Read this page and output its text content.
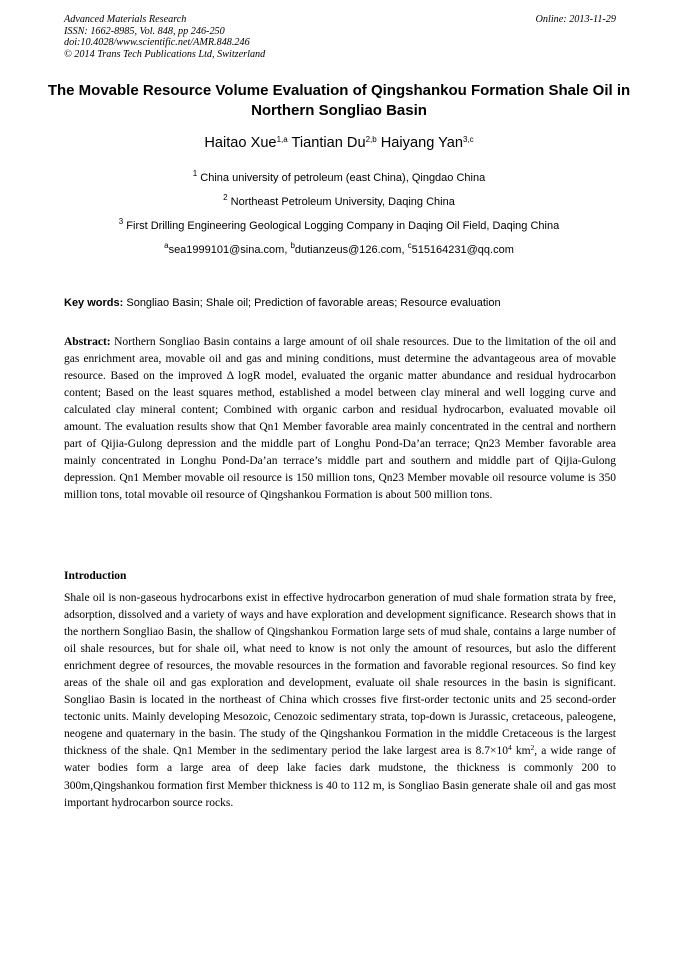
Advanced Materials Research
ISSN: 1662-8985, Vol. 848, pp 246-250
doi:10.4028/www.scientific.net/AMR.848.246
© 2014 Trans Tech Publications Ltd, Switzerland
Online: 2013-11-29
The Movable Resource Volume Evaluation of Qingshankou Formation Shale Oil in Northern Songliao Basin
Haitao Xue$^{1,a}$ Tiantian Du$^{2,b}$ Haiyang Yan$^{3,c}$
$^1$ China university of petroleum (east China), Qingdao China
$^2$ Northeast Petroleum University, Daqing China
$^3$ First Drilling Engineering Geological Logging Company in Daqing Oil Field, Daqing China
$^a$sea1999101@sina.com, $^b$dutianzeus@126.com, $^c$515164231@qq.com
Key words: Songliao Basin; Shale oil; Prediction of favorable areas; Resource evaluation
Abstract: Northern Songliao Basin contains a large amount of oil shale resources. Due to the limitation of the oil and gas enrichment area, movable oil and gas and mining conditions, must determine the advantageous area of movable resource. Based on the improved Δ logR model, evaluated the organic matter abundance and residual hydrocarbon content; Based on the least squares method, established a model between clay mineral and well logging curve and calculated clay mineral content; Combined with organic carbon and residual hydrocarbon, evaluated movable oil amount. The evaluation results show that Qn1 Member favorable area mainly concentrated in the central and northern part of Qijia-Gulong depression and the middle part of Longhu Pond-Da’an terrace; Qn23 Member favorable area mainly concentrated in Longhu Pond-Da’an terrace’s middle part and southern and middle part of Qijia-Gulong depression. Qn1 Member movable oil resource is 150 million tons, Qn23 Member movable oil resource volume is 350 million tons, total movable oil resource of Qingshankou Formation is about 500 million tons.
Introduction
Shale oil is non-gaseous hydrocarbons exist in effective hydrocarbon generation of mud shale formation strata by free, adsorption, dissolved and a variety of ways and have exploration and development significance. Research shows that in the northern Songliao Basin, the shallow of Qingshankou Formation large sets of mud shale, contains a large number of oil shale resources, but for shale oil, what need to know is not only the amount of resources, but aslo the different enrichment degree of resources, the movable resources in the formation and favorable regional resources. So find key areas of the shale oil and gas exploration and development, evaluate oil shale resources in the basin is significant. Songliao Basin is located in the northeast of China which crosses five first-order tectonic units and 25 second-order tectonic units. Mainly developing Mesozoic, Cenozoic sedimentary strata, top-down is Jurassic, cretaceous, paleogene, neogene and quaternary in the basin. The study of the Qingshankou Formation in the middle Cretaceous is the largest thickness of the shale. Qn1 Member in the sedimentary period the lake largest area is $8.7\times 10^4$ $km^2$, a wide range of water bodies form a large area of deep lake facies dark mudstone, the thickness is commonly 200 to 300m,Qingshankou formation first Member thickness is 40 to 112 m, is Songliao Basin generate shale oil and gas most important hydrocarbon source rocks.
